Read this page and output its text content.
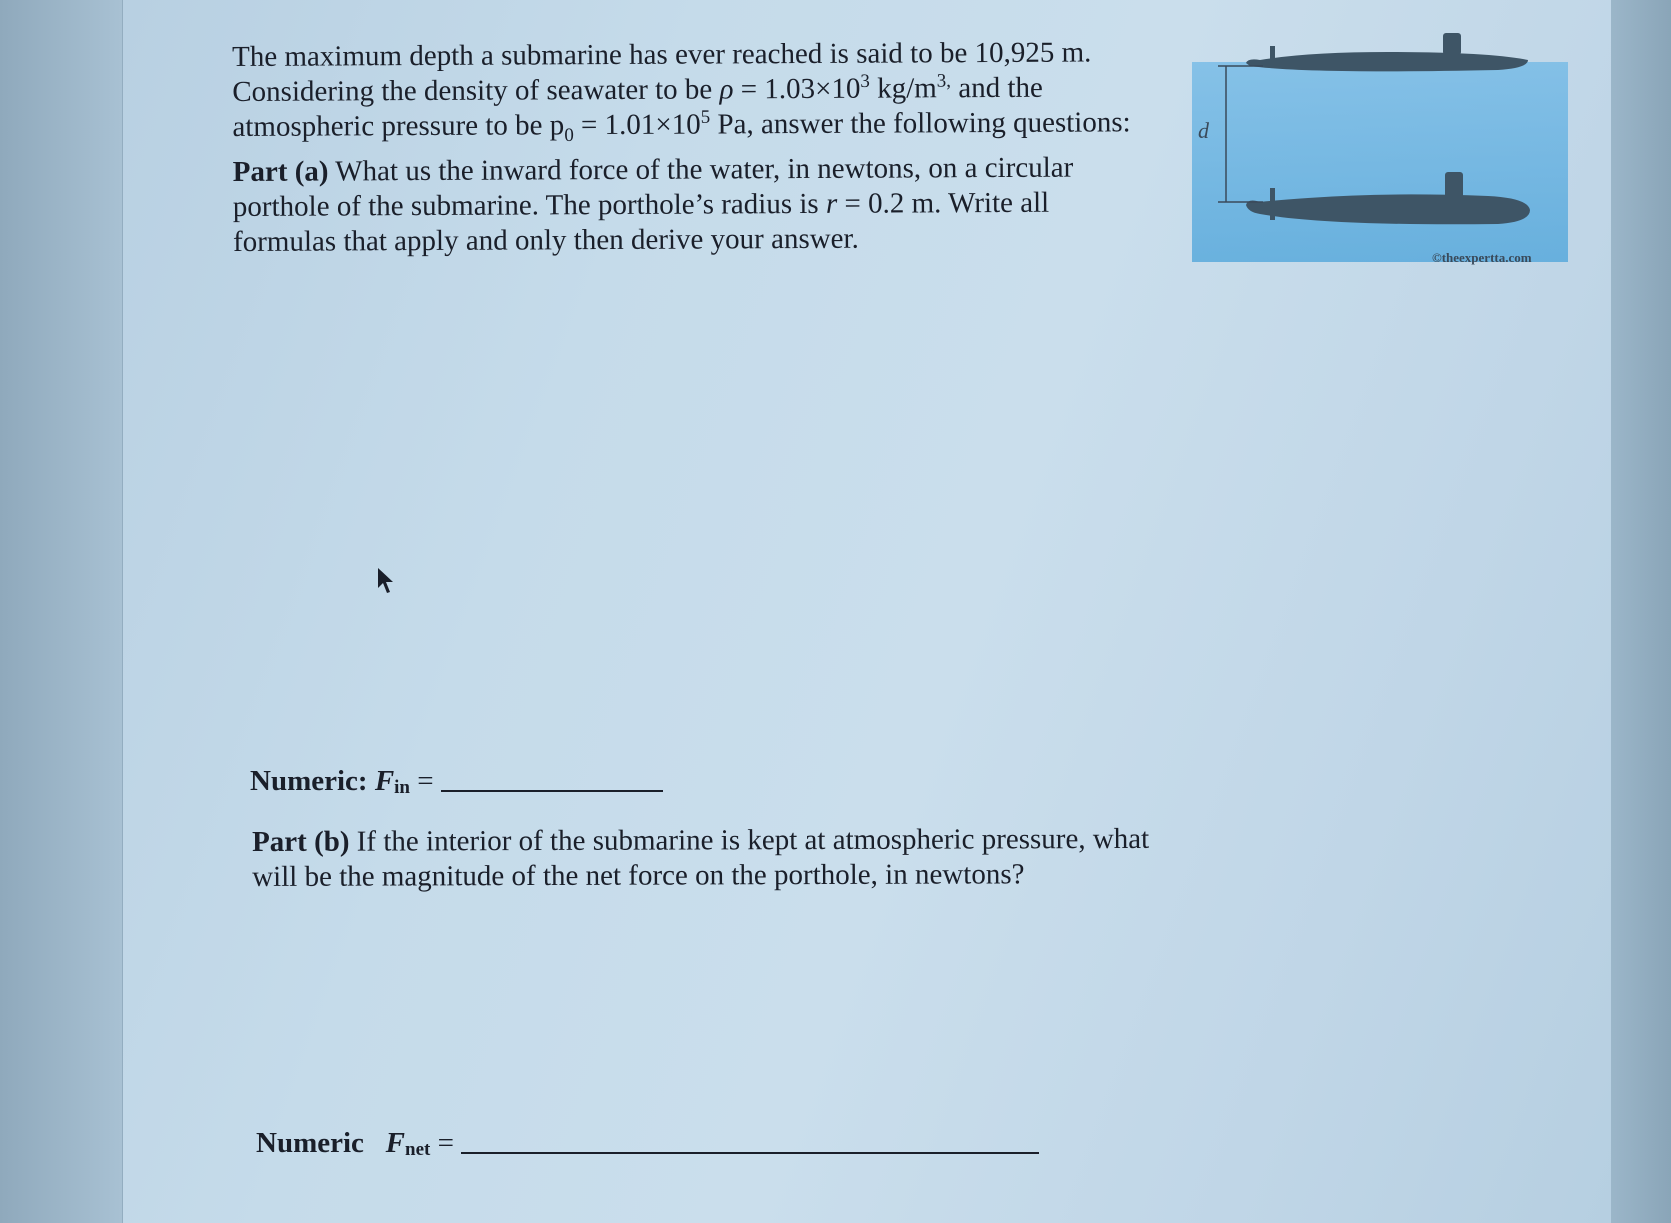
The maximum depth a submarine has ever reached is said to be 10,925 m.
Considering the density of seawater to be $\rho = 1.03\times 10^3$ $kg/m^{3,}$ and the
atmospheric pressure to be $p_0 = 1.01\times 10^5$ Pa, answer the following questions:
Part (a) What us the inward force of the water, in newtons, on a circular
porthole of the submarine. The porthole’s radius is r = 0.2 m. Write all
formulas that apply and only then derive your answer.
Numeric: Fin =
Part (b) If the interior of the submarine is kept at atmospheric pressure, what
will be the magnitude of the net force on the porthole, in newtons?
Numeric   Fnet =
d
©theexpertta.com
